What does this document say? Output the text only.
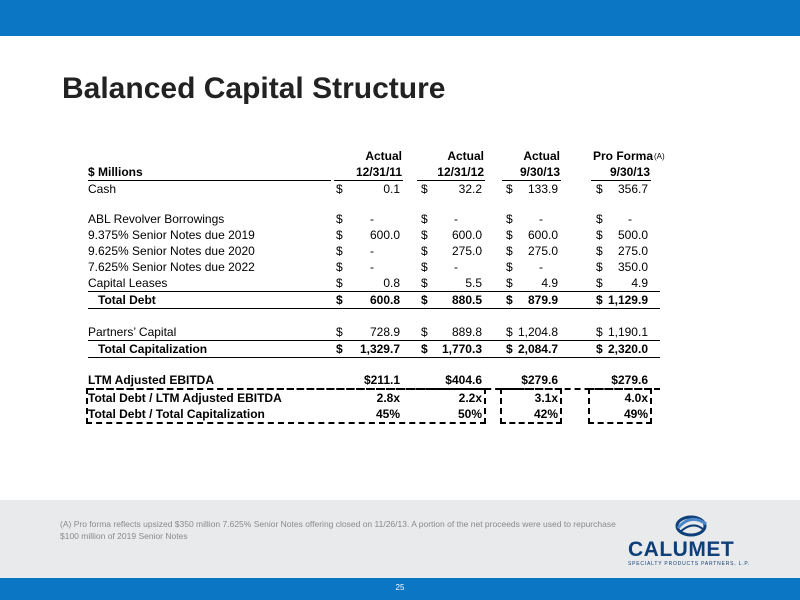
Balanced Capital Structure
Actual	Actual	Actual	Pro Forma (A)
$ Millions	12/31/11	12/31/12	9/30/13	9/30/13
Cash	$	0.1 $	32.2 $	133.9	$	356.7
ABL Revolver Borrowings	$	-	$	-	$	-	$	-
9.375% Senior Notes due 2019	$	600.0 $	600.0 $	600.0	$	500.0
9.625% Senior Notes due 2020	$	-	$	275.0 $	275.0	$	275.0
7.625% Senior Notes due 2022	$	-	$	-	$	-	$	350.0
Capital Leases	$	0.8 $	5.5 $	4.9	$	4.9
Total Debt	$	600.8 $	880.5 $	879.9	$ 1,129.9
Partners’ Capital	$	728.9 $	889.8 $ 1,204.8	$ 1,190.1
Total Capitalization	$	1,329.7 $	1,770.3 $ 2,084.7	$ 2,320.0
LTM Adjusted EBITDA	$211.1	$404.6	$279.6	$279.6
Total Debt / LTM Adjusted EBITDA	2.8x	2.2x	3.1x	4.0x
Total Debt / Total Capitalization	45%	50%	42%	49%
(A) Pro forma reflects upsized $350 million 7.625% Senior Notes offering closed on 11/26/13. A portion of the net proceeds were used to repurchase $100 million of 2019 Senior Notes
CALUMET
SPECIALTY PRODUCTS PARTNERS, L.P.
25
